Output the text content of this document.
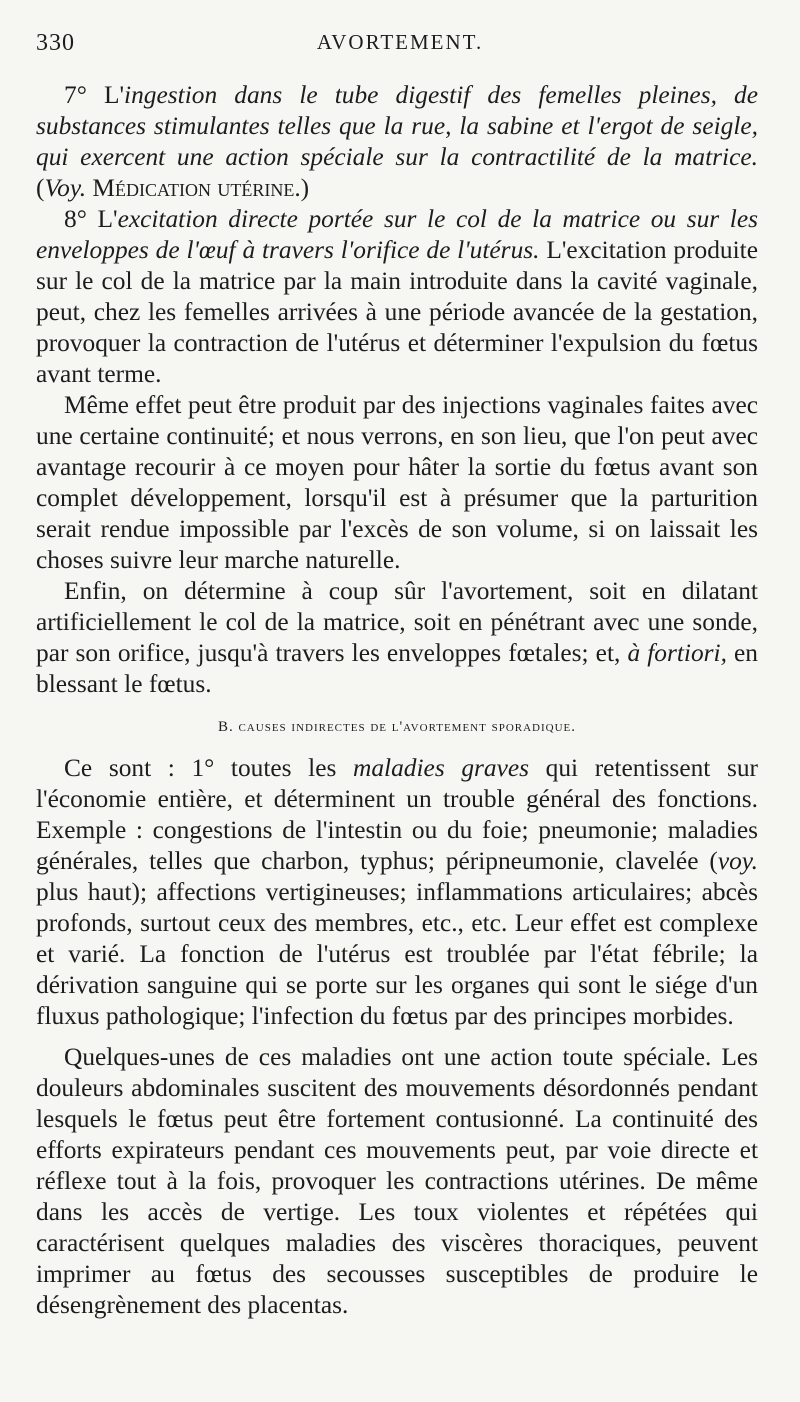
330	AVORTEMENT.

7° L'ingestion dans le tube digestif des femelles pleines, de substances stimulantes telles que la rue, la sabine et l'ergot de seigle, qui exercent une action spéciale sur la contractilité de la matrice. (Voy. Médication utérine.)

8° L'excitation directe portée sur le col de la matrice ou sur les enveloppes de l'œuf à travers l'orifice de l'utérus. L'excitation produite sur le col de la matrice par la main introduite dans la cavité vaginale, peut, chez les femelles arrivées à une période avancée de la gestation, provoquer la contraction de l'utérus et déterminer l'expulsion du fœtus avant terme.

Même effet peut être produit par des injections vaginales faites avec une certaine continuité; et nous verrons, en son lieu, que l'on peut avec avantage recourir à ce moyen pour hâter la sortie du fœtus avant son complet développement, lorsqu'il est à présumer que la parturition serait rendue impossible par l'excès de son volume, si on laissait les choses suivre leur marche naturelle.

Enfin, on détermine à coup sûr l'avortement, soit en dilatant artificiellement le col de la matrice, soit en pénétrant avec une sonde, par son orifice, jusqu'à travers les enveloppes fœtales; et, à fortiori, en blessant le fœtus.

B. causes indirectes de l'avortement sporadique.

Ce sont : 1° toutes les maladies graves qui retentissent sur l'économie entière, et déterminent un trouble général des fonctions. Exemple : congestions de l'intestin ou du foie; pneumonie; maladies générales, telles que charbon, typhus; péripneumonie, clavelée (voy. plus haut); affections vertigineuses; inflammations articulaires; abcès profonds, surtout ceux des membres, etc., etc. Leur effet est complexe et varié. La fonction de l'utérus est troublée par l'état fébrile; la dérivation sanguine qui se porte sur les organes qui sont le siége d'un fluxus pathologique; l'infection du fœtus par des principes morbides.

Quelques-unes de ces maladies ont une action toute spéciale. Les douleurs abdominales suscitent des mouvements désordonnés pendant lesquels le fœtus peut être fortement contusionné. La continuité des efforts expirateurs pendant ces mouvements peut, par voie directe et réflexe tout à la fois, provoquer les contractions utérines. De même dans les accès de vertige. Les toux violentes et répétées qui caractérisent quelques maladies des viscères thoraciques, peuvent imprimer au fœtus des secousses susceptibles de produire le désengrènement des placentas.
